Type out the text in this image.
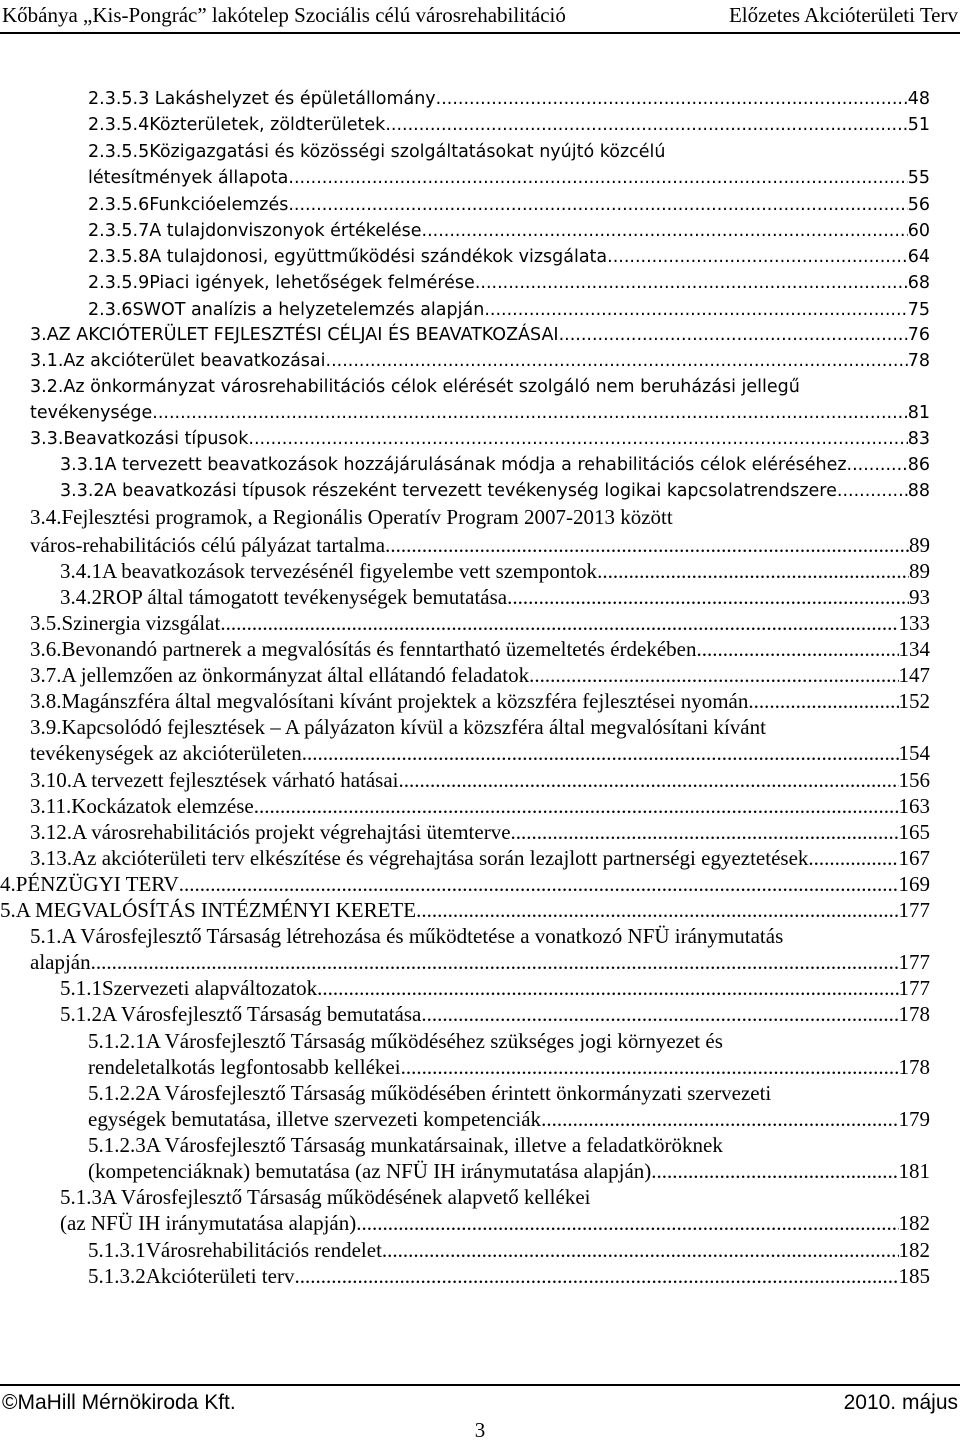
Kőbánya „Kis-Pongrác” lakótelep Szociális célú városrehabilitáció	Előzetes Akcióterületi Terv
2.3.5.3 Lakáshelyzet és épületállomány .....	48
2.3.5.4Közterületek, zöldterületek .....	51
2.3.5.5Közigazgatási és közösségi szolgáltatásokat nyújtó közcélú
létesítmények állapota .....	55
2.3.5.6Funkcióelemzés .....	56
2.3.5.7A tulajdonviszonyok értékelése .....	60
2.3.5.8A tulajdonosi, együttműködési szándékok vizsgálata .....	64
2.3.5.9Piaci igények, lehetőségek felmérése .....	68
2.3.6SWOT analízis a helyzetelemzés alapján .....	75
3.AZ AKCIÓTERÜLET FEJLESZTÉSI CÉLJAI ÉS BEAVATKOZÁSAI .....	76
3.1.Az akcióterület beavatkozásai .....	78
3.2.Az önkormányzat városrehabilitációs célok elérését szolgáló nem beruházási jellegű
tevékenysége .....	81
3.3.Beavatkozási típusok .....	83
3.3.1A tervezett beavatkozások hozzájárulásának módja a rehabilitációs célok eléréséhez .....	86
3.3.2A beavatkozási típusok részeként tervezett tevékenység logikai kapcsolatrendszere .....	88
3.4.Fejlesztési programok, a Regionális Operatív Program 2007-2013 között
város-rehabilitációs célú pályázat tartalma .....	89
3.4.1A beavatkozások tervezésénél figyelembe vett szempontok .....	89
3.4.2ROP által támogatott tevékenységek bemutatása .....	93
3.5.Szinergia vizsgálat .....	133
3.6.Bevonandó partnerek a megvalósítás és fenntartható üzemeltetés érdekében .....	134
3.7.A jellemzően az önkormányzat által ellátandó feladatok .....	147
3.8.Magánszféra által megvalósítani kívánt projektek a közszféra fejlesztései nyomán .....	152
3.9.Kapcsolódó fejlesztések – A pályázaton kívül a közszféra által megvalósítani kívánt
tevékenységek az akcióterületen .....	154
3.10.A tervezett fejlesztések várható hatásai .....	156
3.11.Kockázatok elemzése .....	163
3.12.A városrehabilitációs projekt végrehajtási ütemterve .....	165
3.13.Az akcióterületi terv elkészítése és végrehajtása során lezajlott partnerségi egyeztetések. .....	167
4.PÉNZÜGYI TERV .....	169
5.A MEGVALÓSÍTÁS INTÉZMÉNYI KERETE .....	177
5.1.A Városfejlesztő Társaság létrehozása és működtetése a vonatkozó NFÜ iránymutatás
alapján .....	177
5.1.1Szervezeti alapváltozatok .....	177
5.1.2A Városfejlesztő Társaság bemutatása .....	178
5.1.2.1A Városfejlesztő Társaság működéséhez szükséges jogi környezet és
rendeletalkotás legfontosabb kellékei .....	178
5.1.2.2A Városfejlesztő Társaság működésében érintett önkormányzati szervezeti
egységek bemutatása, illetve szervezeti kompetenciák .....	179
5.1.2.3A Városfejlesztő Társaság munkatársainak, illetve a feladatköröknek
(kompetenciáknak) bemutatása (az NFÜ IH iránymutatása alapján) .....	181
5.1.3A Városfejlesztő Társaság működésének alapvető kellékei
(az NFÜ IH iránymutatása alapján) .....	182
5.1.3.1Városrehabilitációs rendelet .....	182
5.1.3.2Akcióterületi terv .....	185
©MaHill Mérnökiroda Kft.	2010. május
3
